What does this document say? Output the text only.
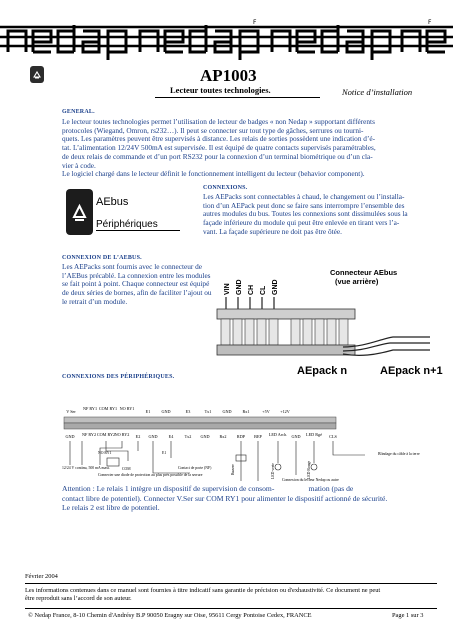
F	F
AP1003
Lecteur toutes technologies.	Notice d’installation
GENERAL.
Le lecteur toutes technologies permet l’utilisation de lecteur de badges « non Nedap » supportant différents
protocoles (Wiegand, Omron, rs232…). Il peut se connecter sur tout type de gâches, serrures ou tourni-
quets. Les paramètres peuvent être supervisés à distance. Les relais de sorties possèdent une indication d’é-
tat. L’alimentation 12/24V 500mA est supervisée. Il est équipé de quatre contacts supervisés paramétrables,
de deux relais de commande et d’un port RS232 pour la connexion d’un terminal biométrique ou d’un cla-
vier à code.
Le logiciel chargé dans le lecteur définit le fonctionnement intelligent du lecteur (behavior component).
AEbus
Périphériques
CONNEXIONS.
Les AEPacks sont connectables à chaud, le changement ou l’installa-
tion d’un AEPack peut donc se faire sans interrompre l’ensemble des
autres modules du bus. Toutes les connexions sont dissimulées sous la
façade inférieure du module qui peut être enlevée en tirant vers l’a-
vant. La façade supérieure ne doit pas être ôtée.
CONNEXION DE L’AEBUS.
Les AEPacks sont fournis avec le connecteur de
l’AEBus précablé. La connexion entre les modules
se fait point à point. Chaque connecteur est équipé
de deux séries de bornes, afin de faciliter l’ajout ou
le retrait d’un module.
VIN GND CH CL GND
Connecteur AEbus
(vue arrière)
AEpack n	AEpack n+1
CONNEXIONS DES PÉRIPHÉRIQUES.
V Ser
NF RY1 COM RY1 NO RY1
E1	GND	E3	Tx1	GND	Rx1	+5V +12V
GND NF RY2 COM RY2 NO RY2 E2 GND	E4	Tx2 GND Rx2 RDP BEP LED Arch. GND LED Rgé CLS
12/24 V continu, 500 mA maxi.
NO RY1
COM
Connecter une diode de protection au plus près possible de la serrure
E1
Contact de porte (NF)
Connexion du lecteur Nedap ou autre
Blindage du câble à la terre
Buzzer	LED verte	LED Rouge
Attention : Le relais 1 intègre un dispositif de supervision de consom-                  mation (pas de
contact libre de potentiel). Connecter V.Ser sur COM RY1 pour alimenter le dispositif actionné de sécurité.
Le relais 2 est libre de potentiel.
Février 2004
Les informations contenues dans ce manuel sont fournies à titre indicatif sans garantie de précision ou d'exhaustivité. Ce document ne peut
être reproduit sans l’accord de son auteur.
© Nedap France, 8-10 Chemin d'Andrésy B.P 90050 Eragny sur Oise, 95611 Cergy Pontoise Cedex, FRANCE	Page 1 sur 3
